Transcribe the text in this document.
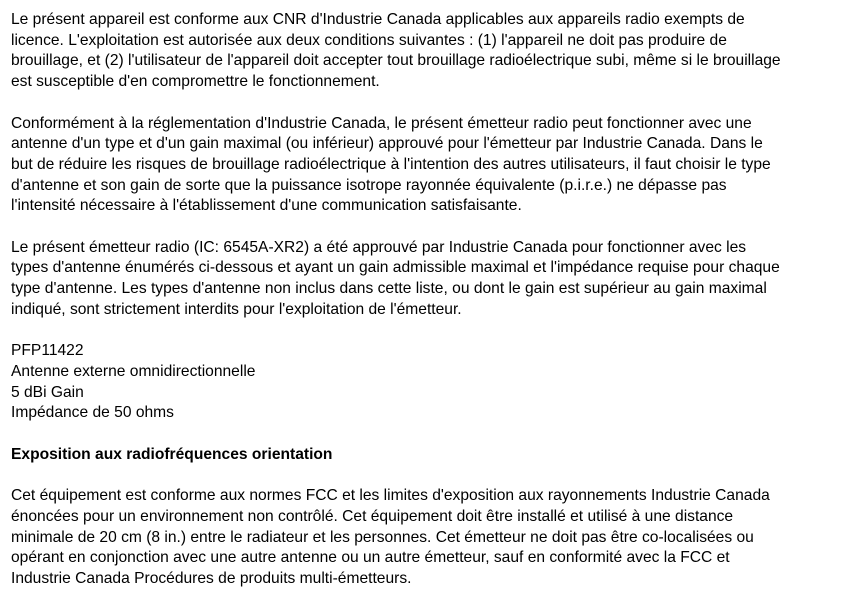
Le présent appareil est conforme aux CNR d'Industrie Canada applicables aux appareils radio exempts de
licence. L'exploitation est autorisée aux deux conditions suivantes : (1) l'appareil ne doit pas produire de
brouillage, et (2) l'utilisateur de l'appareil doit accepter tout brouillage radioélectrique subi, même si le brouillage
est susceptible d'en compromettre le fonctionnement.

Conformément à la réglementation d'Industrie Canada, le présent émetteur radio peut fonctionner avec une
antenne d'un type et d'un gain maximal (ou inférieur) approuvé pour l'émetteur par Industrie Canada. Dans le
but de réduire les risques de brouillage radioélectrique à l'intention des autres utilisateurs, il faut choisir le type
d'antenne et son gain de sorte que la puissance isotrope rayonnée équivalente (p.i.r.e.) ne dépasse pas
l'intensité nécessaire à l'établissement d'une communication satisfaisante.

Le présent émetteur radio (IC: 6545A-XR2) a été approuvé par Industrie Canada pour fonctionner avec les
types d'antenne énumérés ci-dessous et ayant un gain admissible maximal et l'impédance requise pour chaque
type d'antenne. Les types d'antenne non inclus dans cette liste, ou dont le gain est supérieur au gain maximal
indiqué, sont strictement interdits pour l'exploitation de l'émetteur.

PFP11422
Antenne externe omnidirectionnelle
5 dBi Gain
Impédance de 50 ohms
Exposition aux radiofréquences orientation

Cet équipement est conforme aux normes FCC et les limites d'exposition aux rayonnements Industrie Canada
énoncées pour un environnement non contrôlé. Cet équipement doit être installé et utilisé à une distance
minimale de 20 cm (8 in.) entre le radiateur et les personnes. Cet émetteur ne doit pas être co-localisées ou
opérant en conjonction avec une autre antenne ou un autre émetteur, sauf en conformité avec la FCC et
Industrie Canada Procédures de produits multi-émetteurs.
